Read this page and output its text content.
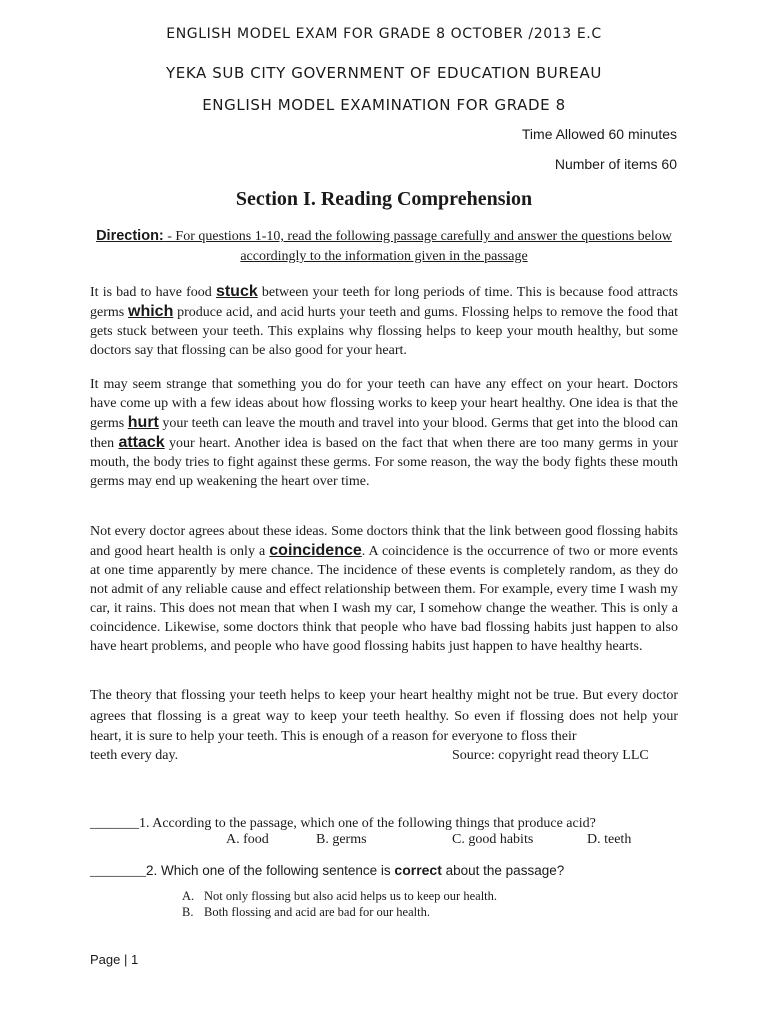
ENGLISH MODEL EXAM FOR GRADE 8 OCTOBER /2013 E.C
YEKA SUB CITY GOVERNMENT OF EDUCATION BUREAU
ENGLISH MODEL EXAMINATION FOR GRADE 8
Time Allowed 60 minutes
Number of items 60
Section I. Reading Comprehension
Direction: - For questions 1-10, read the following passage carefully and answer the questions below accordingly to the information given in the passage
It is bad to have food stuck between your teeth for long periods of time. This is because food attracts germs which produce acid, and acid hurts your teeth and gums. Flossing helps to remove the food that gets stuck between your teeth. This explains why flossing helps to keep your mouth healthy, but some doctors say that flossing can be also good for your heart.
It may seem strange that something you do for your teeth can have any effect on your heart. Doctors have come up with a few ideas about how flossing works to keep your heart healthy. One idea is that the germs hurt your teeth can leave the mouth and travel into your blood. Germs that get into the blood can then attack your heart. Another idea is based on the fact that when there are too many germs in your mouth, the body tries to fight against these germs. For some reason, the way the body fights these mouth germs may end up weakening the heart over time.
Not every doctor agrees about these ideas. Some doctors think that the link between good flossing habits and good heart health is only a coincidence. A coincidence is the occurrence of two or more events at one time apparently by mere chance. The incidence of these events is completely random, as they do not admit of any reliable cause and effect relationship between them. For example, every time I wash my car, it rains. This does not mean that when I wash my car, I somehow change the weather. This is only a coincidence. Likewise, some doctors think that people who have bad flossing habits just happen to also have heart problems, and people who have good flossing habits just happen to have healthy hearts.
The theory that flossing your teeth helps to keep your heart healthy might not be true. But every doctor agrees that flossing is a great way to keep your teeth healthy. So even if flossing does not help your heart, it is sure to help your teeth. This is enough of a reason for everyone to floss their
teeth every day.	Source: copyright read theory LLC
_______1. According to the passage, which one of the following things that produce acid?
A. food	B. germs	C. good habits	D. teeth
________2. Which one of the following sentence is correct about the passage?
A. Not only flossing but also acid helps us to keep our health.
B. Both flossing and acid are bad for our health.
Page | 1
